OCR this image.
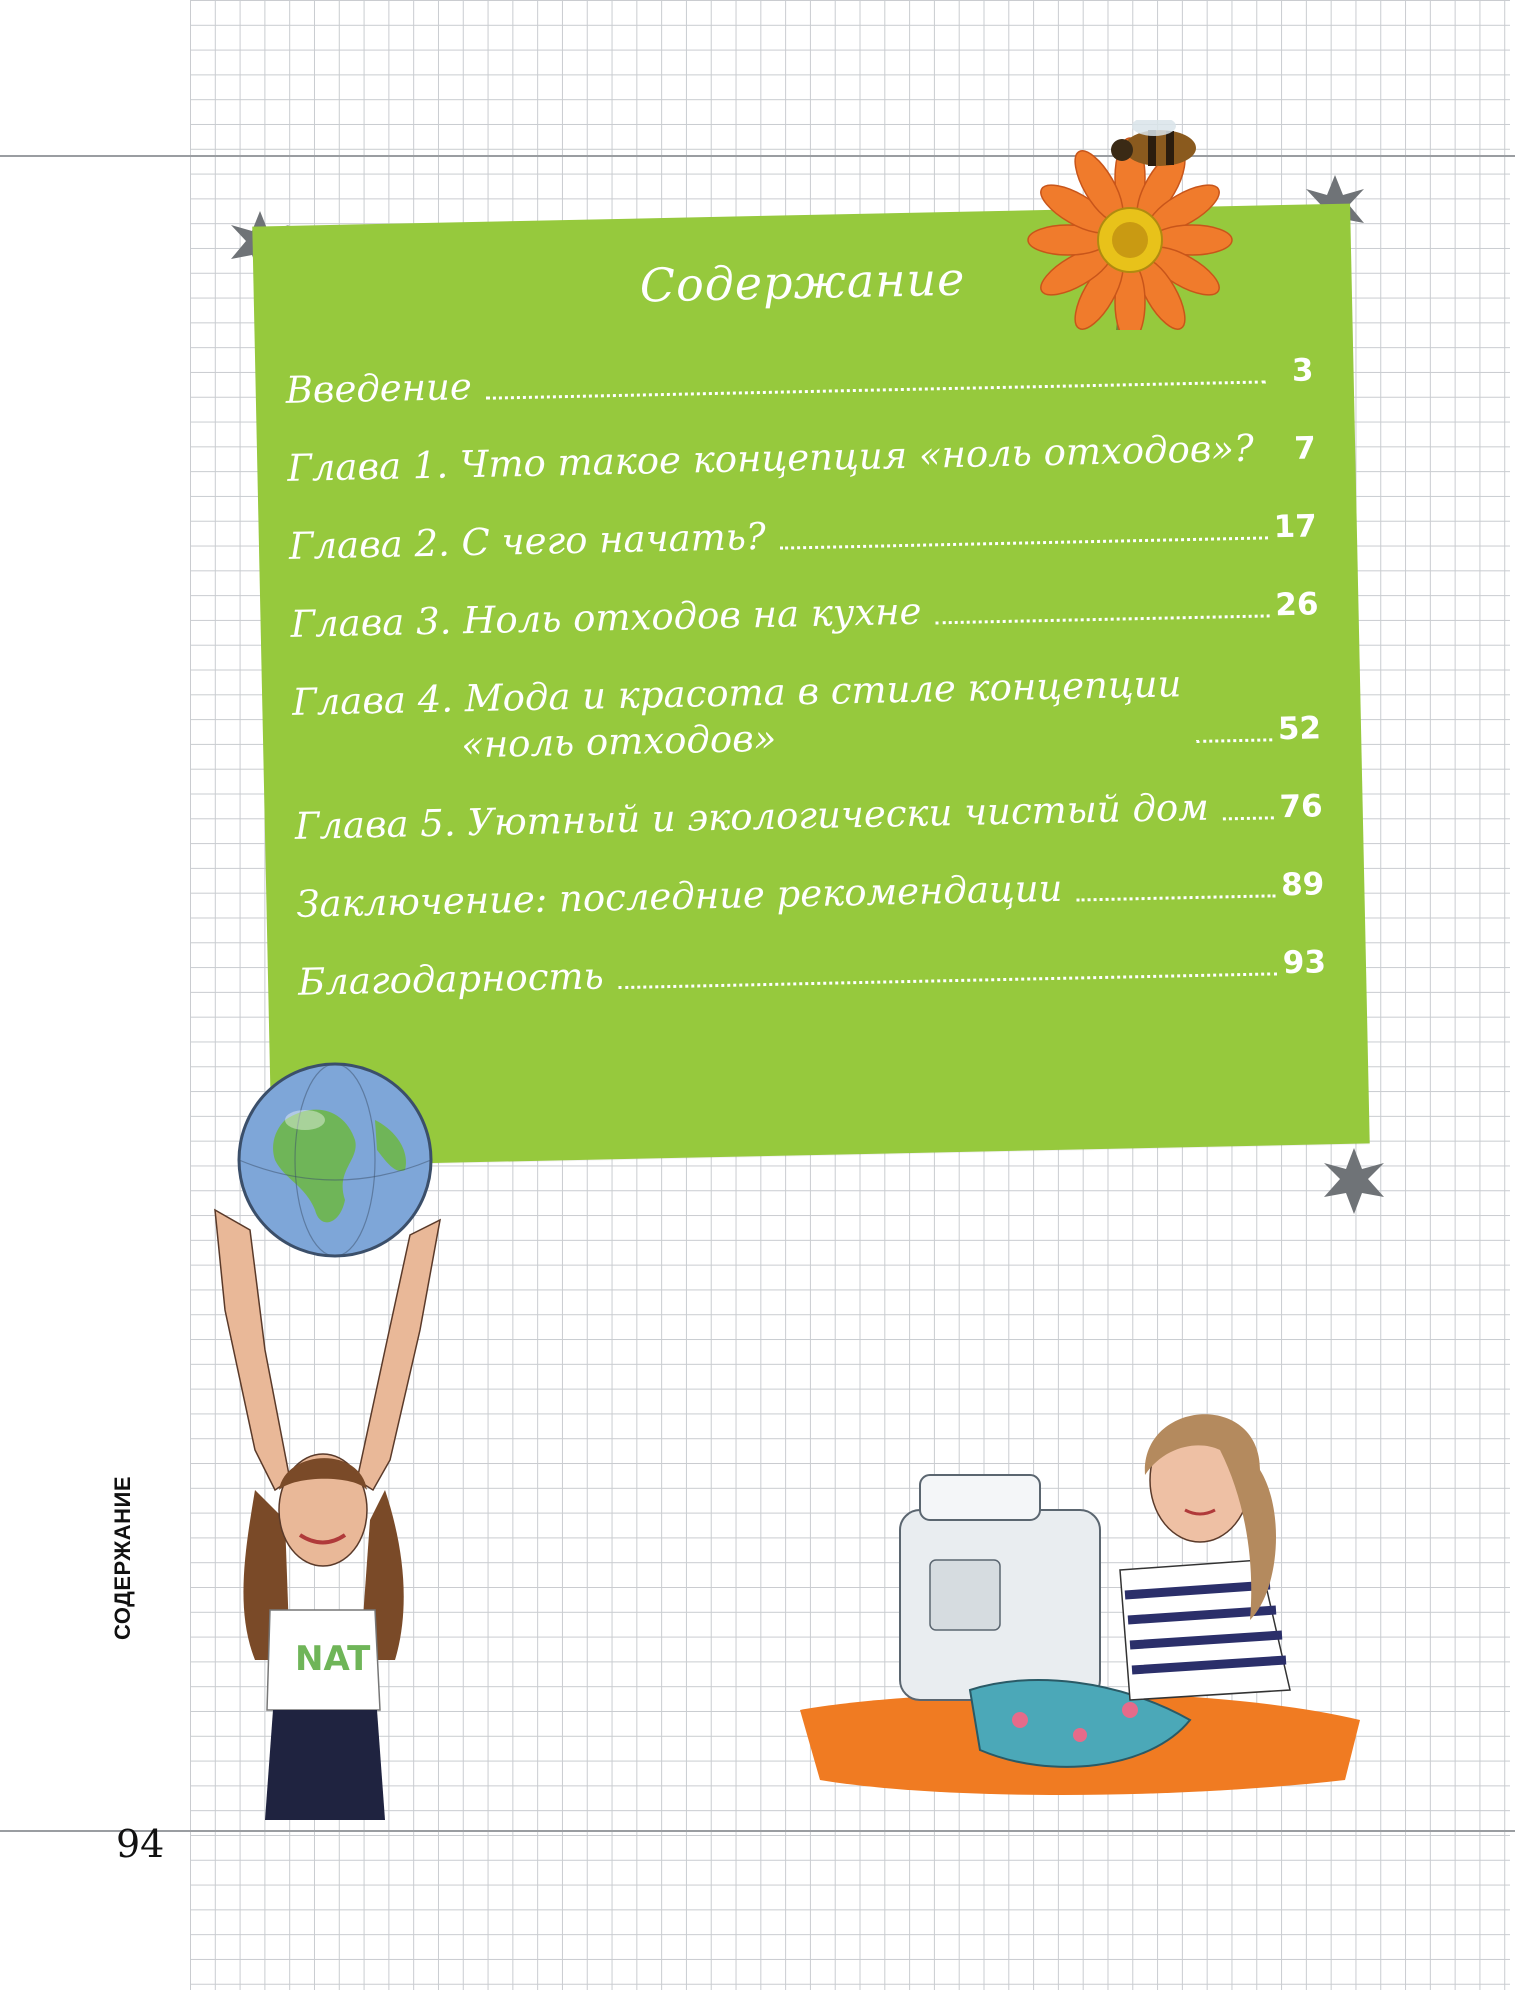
Содержание
Введение	3
Глава 1. Что такое концепция «ноль отходов»?	7
Глава 2. С чего начать?	17
Глава 3. Ноль отходов на кухне	26
Глава 4. Мода и красота в стиле концепции
«ноль отходов»	52
Глава 5. Уютный и экологически чистый дом 76
Заключение: последние рекомендации	89
Благодарность	93
NAT
СОДЕРЖАНИЕ
94
